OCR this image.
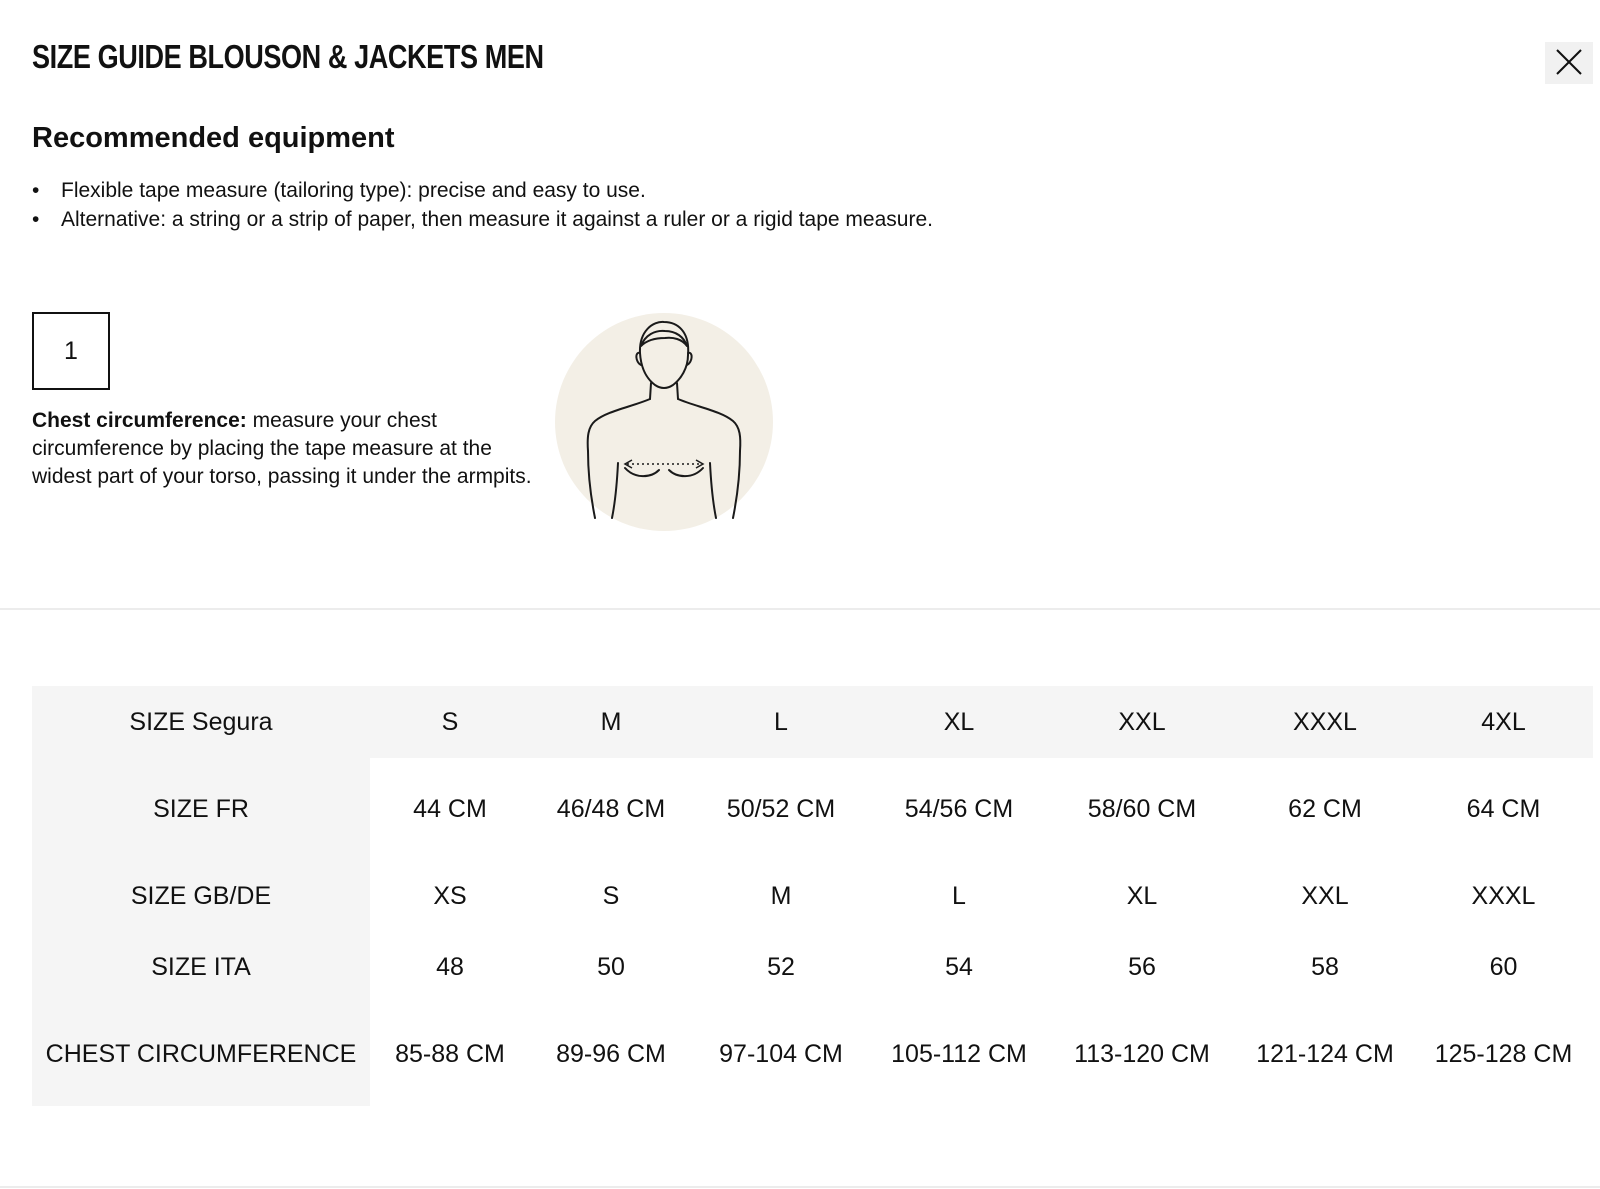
SIZE GUIDE BLOUSON & JACKETS MEN
Recommended equipment
• Flexible tape measure (tailoring type): precise and easy to use.
• Alternative: a string or a strip of paper, then measure it against a ruler or a rigid tape measure.
1
Chest circumference: measure your chest circumference by placing the tape measure at the widest part of your torso, passing it under the armpits.
SIZE Segura	S	M	L	XL	XXL	XXXL	4XL
SIZE FR	44 CM	46/48 CM	50/52 CM	54/56 CM	58/60 CM	62 CM	64 CM
SIZE GB/DE	XS	S	M	L	XL	XXL	XXXL
SIZE ITA	48	50	52	54	56	58	60
CHEST CIRCUMFERENCE	85-88 CM	89-96 CM	97-104 CM	105-112 CM	113-120 CM	121-124 CM	125-128 CM
